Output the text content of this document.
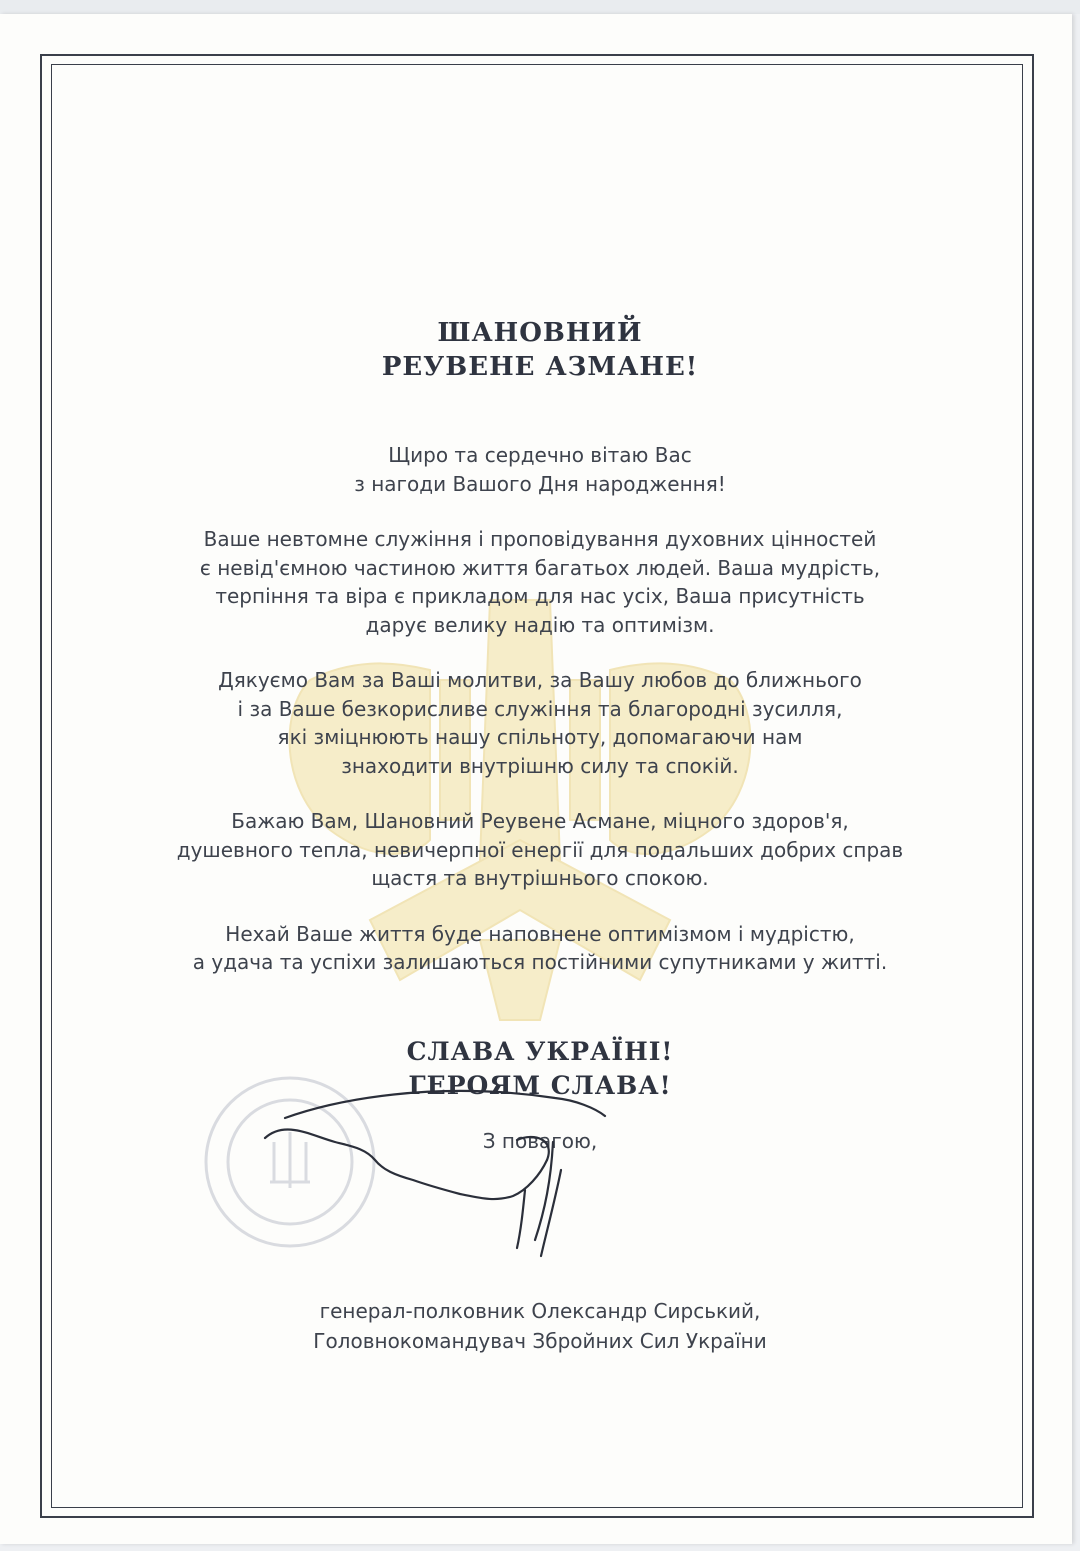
ШАНОВНИЙ
РЕУВЕНЕ АЗМАНЕ!
Щиро та сердечно вітаю Вас
з нагоди Вашого Дня народження!
Ваше невтомне служіння і проповідування духовних цінностей
є невід'ємною частиною життя багатьох людей. Ваша мудрість,
терпіння та віра є прикладом для нас усіх, Ваша присутність
дарує велику надію та оптимізм.
Дякуємо Вам за Ваші молитви, за Вашу любов до ближнього
і за Ваше безкорисливе служіння та благородні зусилля,
які зміцнюють нашу спільноту, допомагаючи нам
знаходити внутрішню силу та спокій.
Бажаю Вам, Шановний Реувене Асмане, міцного здоров'я,
душевного тепла, невичерпної енергії для подальших добрих справ
щастя та внутрішнього спокою.
Нехай Ваше життя буде наповнене оптимізмом і мудрістю,
а удача та успіхи залишаються постійними супутниками у житті.
СЛАВА УКРАЇНІ!
ГЕРОЯМ СЛАВА!
З повагою,
генерал-полковник Олександр Сирський,
Головнокомандувач Збройних Сил України
